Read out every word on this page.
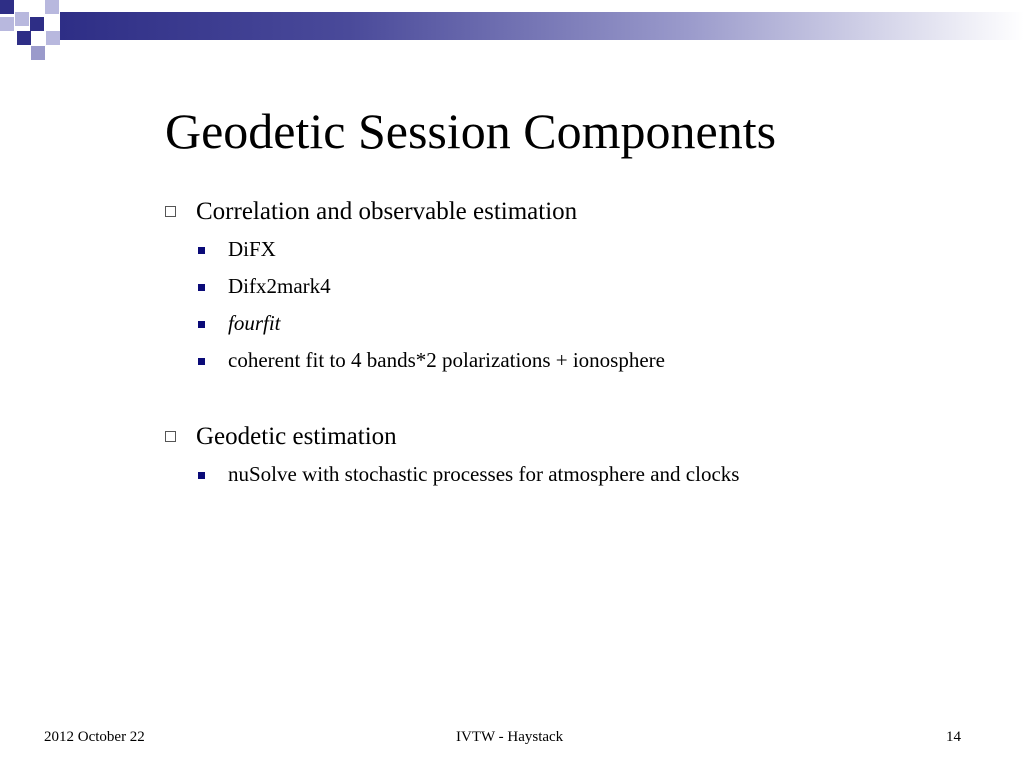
Geodetic Session Components
Correlation and observable estimation
DiFX
Difx2mark4
fourfit
coherent fit to 4 bands*2 polarizations + ionosphere
Geodetic estimation
nuSolve with stochastic processes for atmosphere and clocks
2012 October 22	IVTW - Haystack	14
